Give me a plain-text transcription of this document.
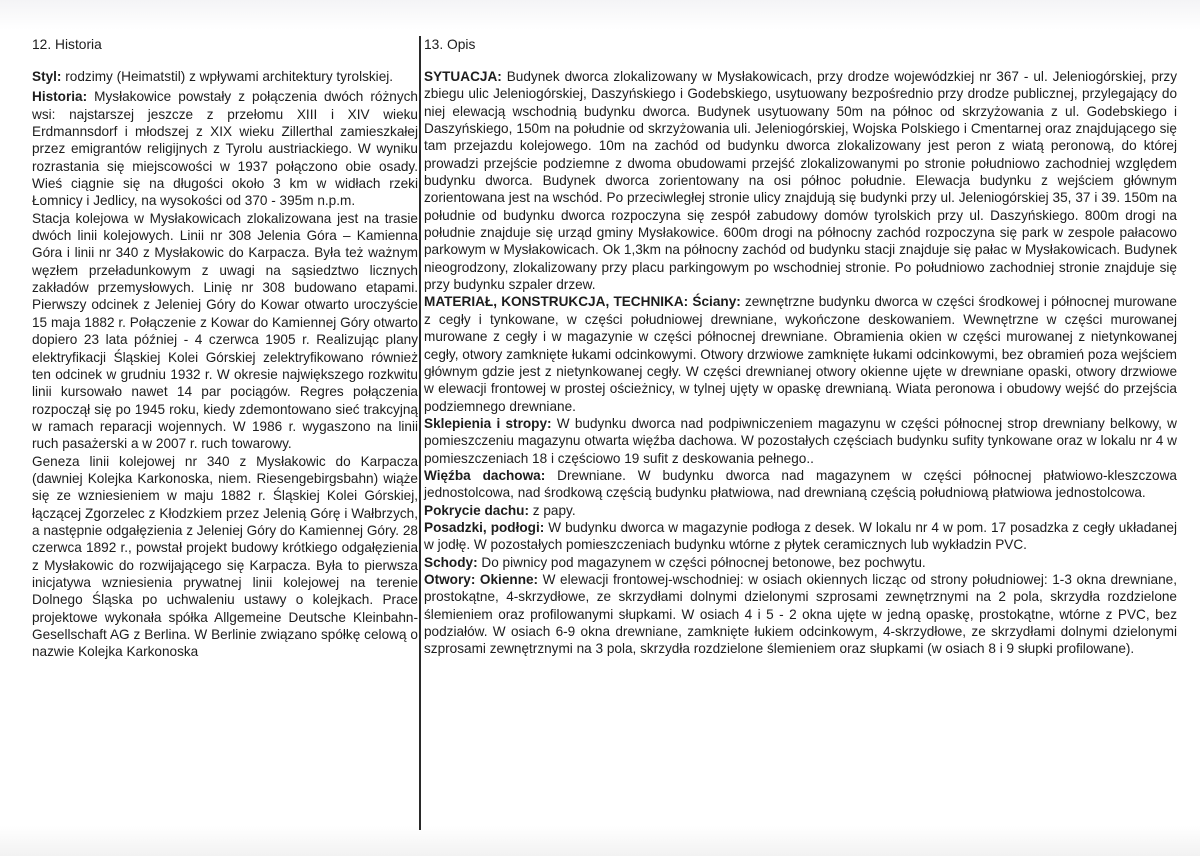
12. Historia

Styl: rodzimy (Heimatstil) z wpływami architektury tyrolskiej.

Historia: Mysłakowice powstały z połączenia dwóch różnych wsi: najstarszej jeszcze z przełomu XIII i XIV wieku Erdmannsdorf i młodszej z XIX wieku Zillerthal zamieszkałej przez emigrantów religijnych z Tyrolu austriackiego. W wyniku rozrastania się miejscowości w 1937 połączono obie osady. Wieś ciągnie się na długości około 3 km w widłach rzeki Łomnicy i Jedlicy, na wysokości od 370 - 395m n.p.m.

Stacja kolejowa w Mysłakowicach zlokalizowana jest na trasie dwóch linii kolejowych. Linii nr 308 Jelenia Góra – Kamienna Góra i linii nr 340 z Mysłakowic do Karpacza. Była też ważnym węzłem przeładunkowym z uwagi na sąsiedztwo licznych zakładów przemysłowych. Linię nr 308 budowano etapami. Pierwszy odcinek z Jeleniej Góry do Kowar otwarto uroczyście 15 maja 1882 r. Połączenie z Kowar do Kamiennej Góry otwarto dopiero 23 lata później - 4 czerwca 1905 r. Realizując plany elektryfikacji Śląskiej Kolei Górskiej zelektryfikowano również ten odcinek w grudniu 1932 r. W okresie największego rozkwitu linii kursowało nawet 14 par pociągów. Regres połączenia rozpoczął się po 1945 roku, kiedy zdemontowano sieć trakcyjną w ramach reparacji wojennych. W 1986 r. wygaszono na linii ruch pasażerski a w 2007 r. ruch towarowy.

Geneza linii kolejowej nr 340 z Mysłakowic do Karpacza (dawniej Kolejka Karkonoska, niem. Riesengebirgsbahn) wiąże się ze wzniesieniem w maju 1882 r. Śląskiej Kolei Górskiej, łączącej Zgorzelec z Kłodzkiem przez Jelenią Górę i Wałbrzych, a następnie odgałęzienia z Jeleniej Góry do Kamiennej Góry. 28 czerwca 1892 r., powstał projekt budowy krótkiego odgałęzienia z Mysłakowic do rozwijającego się Karpacza. Była to pierwsza inicjatywa wzniesienia prywatnej linii kolejowej na terenie Dolnego Śląska po uchwaleniu ustawy o kolejkach. Prace projektowe wykonała spółka Allgemeine Deutsche Kleinbahn-Gesellschaft AG z Berlina. W Berlinie związano spółkę celową o nazwie Kolejka Karkonoska

13. Opis

SYTUACJA: Budynek dworca zlokalizowany w Mysłakowicach, przy drodze wojewódzkiej nr 367 - ul. Jeleniogórskiej, przy zbiegu ulic Jeleniogórskiej, Daszyńskiego i Godebskiego, usytuowany bezpośrednio przy drodze publicznej, przylegający do niej elewacją wschodnią budynku dworca. Budynek usytuowany 50m na północ od skrzyżowania z ul. Godebskiego i Daszyńskiego, 150m na południe od skrzyżowania uli. Jeleniogórskiej, Wojska Polskiego i Cmentarnej oraz znajdującego się tam przejazdu kolejowego. 10m na zachód od budynku dworca zlokalizowany jest peron z wiatą peronową, do której prowadzi przejście podziemne z dwoma obudowami przejść zlokalizowanymi po stronie południowo zachodniej względem budynku dworca. Budynek dworca zorientowany na osi północ południe. Elewacja budynku z wejściem głównym zorientowana jest na wschód. Po przeciwległej stronie ulicy znajdują się budynki przy ul. Jeleniogórskiej 35, 37 i 39. 150m na południe od budynku dworca rozpoczyna się zespół zabudowy domów tyrolskich przy ul. Daszyńskiego. 800m drogi na południe znajduje się urząd gminy Mysłakowice. 600m drogi na północny zachód rozpoczyna się park w zespole pałacowo parkowym w Mysłakowicach. Ok 1,3km na północny zachód od budynku stacji znajduje się pałac w Mysłakowicach. Budynek nieogrodzony, zlokalizowany przy placu parkingowym po wschodniej stronie. Po południowo zachodniej stronie znajduje się przy budynku szpaler drzew.

MATERIAŁ, KONSTRUKCJA, TECHNIKA: Ściany: zewnętrzne budynku dworca w części środkowej i północnej murowane z cegły i tynkowane, w części południowej drewniane, wykończone deskowaniem. Wewnętrzne w części murowanej murowane z cegły i w magazynie w części północnej drewniane. Obramienia okien w części murowanej z nietynkowanej cegły, otwory zamknięte łukami odcinkowymi. Otwory drzwiowe zamknięte łukami odcinkowymi, bez obramień poza wejściem głównym gdzie jest z nietynkowanej cegły. W części drewnianej otwory okienne ujęte w drewniane opaski, otwory drzwiowe w elewacji frontowej w prostej ościeżnicy, w tylnej ujęty w opaskę drewnianą. Wiata peronowa i obudowy wejść do przejścia podziemnego drewniane.

Sklepienia i stropy: W budynku dworca nad podpiwniczeniem magazynu w części północnej strop drewniany belkowy, w pomieszczeniu magazynu otwarta więźba dachowa. W pozostałych częściach budynku sufity tynkowane oraz w lokalu nr 4 w pomieszczeniach 18 i częściowo 19 sufit z deskowania pełnego..

Więźba dachowa: Drewniane. W budynku dworca nad magazynem w części północnej płatwiowo-kleszczowa jednostolcowa, nad środkową częścią budynku płatwiowa, nad drewnianą częścią południową płatwiowa jednostolcowa.

Pokrycie dachu: z papy.

Posadzki, podłogi: W budynku dworca w magazynie podłoga z desek. W lokalu nr 4 w pom. 17 posadzka z cegły układanej w jodłę. W pozostałych pomieszczeniach budynku wtórne z płytek ceramicznych lub wykładzin PVC.

Schody: Do piwnicy pod magazynem w części północnej betonowe, bez pochwytu.

Otwory: Okienne: W elewacji frontowej-wschodniej: w osiach okiennych licząc od strony południowej: 1-3 okna drewniane, prostokątne, 4-skrzydłowe, ze skrzydłami dolnymi dzielonymi szprosami zewnętrznymi na 2 pola, skrzydła rozdzielone ślemieniem oraz profilowanymi słupkami. W osiach 4 i 5 - 2 okna ujęte w jedną opaskę, prostokątne, wtórne z PVC, bez podziałów. W osiach 6-9 okna drewniane, zamknięte łukiem odcinkowym, 4-skrzydłowe, ze skrzydłami dolnymi dzielonymi szprosami zewnętrznymi na 3 pola, skrzydła rozdzielone ślemieniem oraz słupkami (w osiach 8 i 9 słupki profilowane).
